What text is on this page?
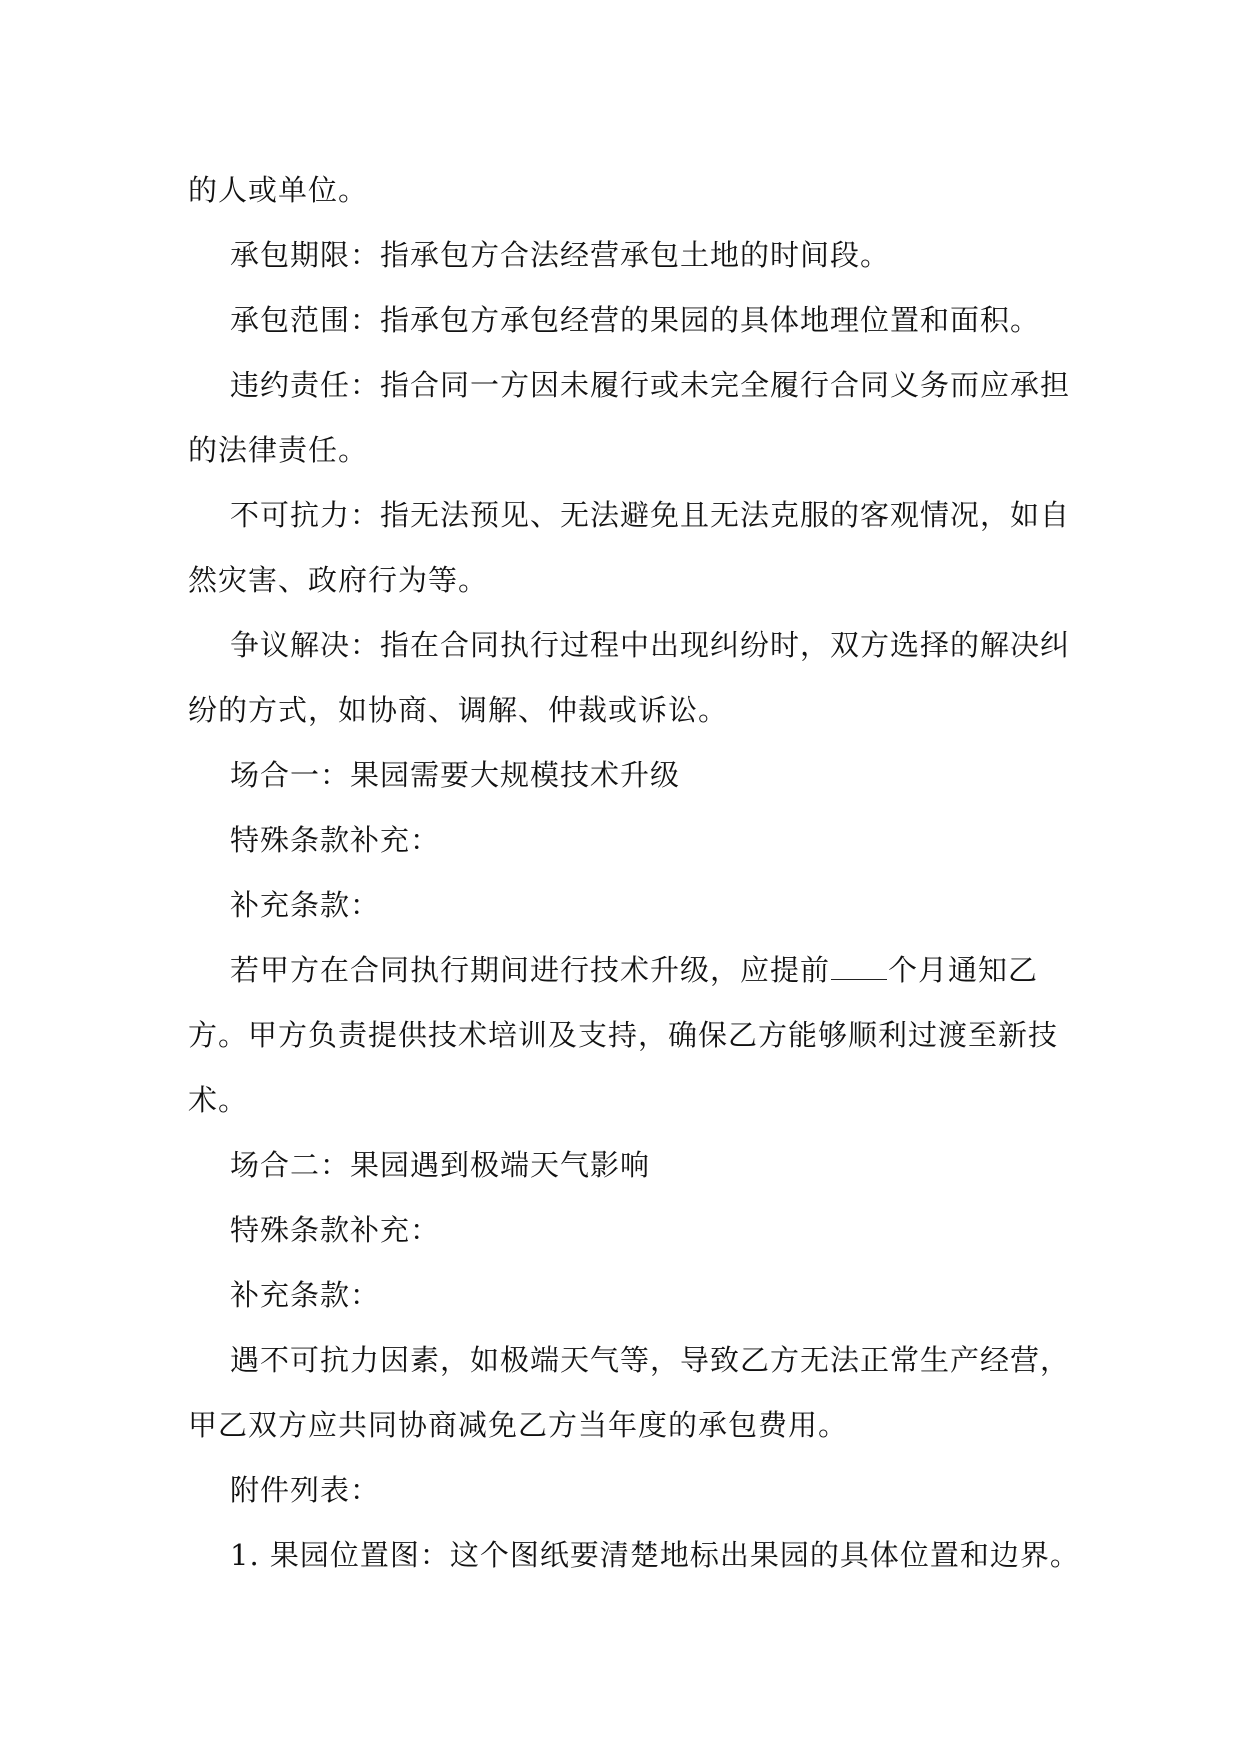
的人或单位。

承包期限：指承包方合法经营承包土地的时间段。

承包范围：指承包方承包经营的果园的具体地理位置和面积。

违约责任：指合同一方因未履行或未完全履行合同义务而应承担

的法律责任。

不可抗力：指无法预见、无法避免且无法克服的客观情况，如自

然灾害、政府行为等。

争议解决：指在合同执行过程中出现纠纷时，双方选择的解决纠

纷的方式，如协商、调解、仲裁或诉讼。

场合一：果园需要大规模技术升级

特殊条款补充：

补充条款：

若甲方在合同执行期间进行技术升级，应提前 个月通知乙

方。甲方负责提供技术培训及支持，确保乙方能够顺利过渡至新技

术。

场合二：果园遇到极端天气影响

特殊条款补充：

补充条款：

遇不可抗力因素，如极端天气等，导致乙方无法正常生产经营，

甲乙双方应共同协商减免乙方当年度的承包费用。

附件列表：

1. 果园位置图：这个图纸要清楚地标出果园的具体位置和边界。
